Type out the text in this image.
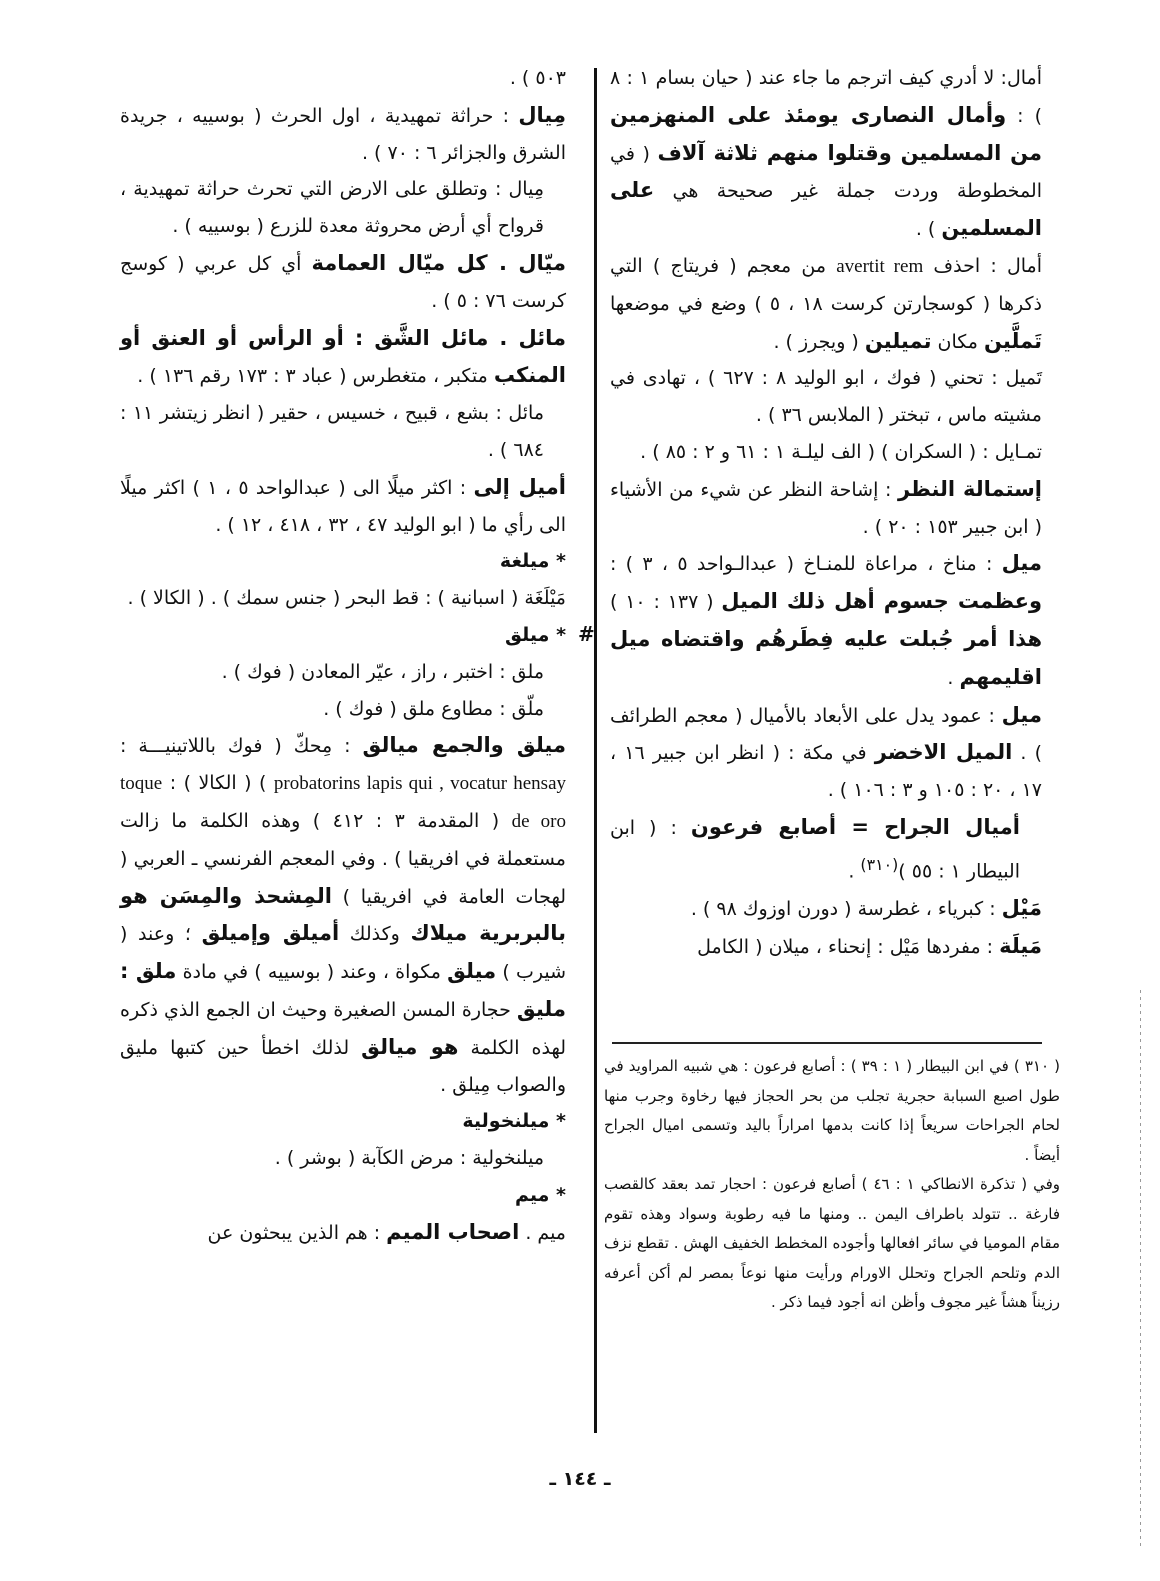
أمال: لا أدري كيف اترجم ما جاء عند ( حيان بسام ١ : ٨ ) : وأمال النصارى يومئذ على المنهزمين من المسلمين وقتلوا منهم ثلاثة آلاف ( في المخطوطة وردت جملة غير صحيحة هي على المسلمين ) .

أمال : احذف avertit rem من معجم ( فريتاج ) التي ذكرها ( كوسجارتن كرست ١٨ ، ٥ ) وضع في موضعها تَملَّين مكان تميلين ( ويجرز ) .

تَميل : تحني ( فوك ، ابو الوليد ٨ : ٦٢٧ ) ، تهادى في مشيته ماس ، تبختر ( الملابس ٣٦ ) .

تمـايل : ( السكران ) ( الف ليلـة ١ : ٦١ و ٢ : ٨٥ ) .

إستمالة النظر : إشاحة النظر عن شيء من الأشياء ( ابن جبير ١٥٣ : ٢٠ ) .

ميل : مناخ ، مراعاة للمنـاخ ( عبدالـواحد ٥ ، ٣ ) : وعظمت جسوم أهل ذلك الميل ( ١٣٧ : ١٠ ) هذا أمر جُبلت عليه فِطَرهُم واقتضاه ميل اقليمهم .

ميل : عمود يدل على الأبعاد بالأميال ( معجم الطرائف ) . الميل الاخضر في مكة : ( انظر ابن جبير ١٦ ، ١٧ ، ٢٠ : ١٠٥ و ٣ : ١٠٦ ) .

أميال الجراح = أصابع فرعون : ( ابن البيطار ١ : ٥٥ )$^{(٣١٠)}$ .

مَيْل : كبرياء ، غطرسة ( دورن اوزوك ٩٨ ) .

مَيلَة : مفردها مَيْل : إنحناء ، ميلان ( الكامل

#

٥٠٣ ) .

مِيال : حراثة تمهيدية ، اول الحرث ( بوسييه ، جريدة الشرق والجزائر ٦ : ٧٠ ) .

مِيال : وتطلق على الارض التي تحرث حراثة تمهيدية ، قرواح أي أرض محروثة معدة للزرع ( بوسييه ) .

ميّال . كل ميّال العمامة أي كل عربي ( كوسج كرست ٧٦ : ٥ ) .

مائل . مائل الشَّق : أو الرأس أو العنق أو المنكب متكبر ، متغطرس ( عباد ٣ : ١٧٣ رقم ١٣٦ ) .

مائل : بشع ، قبيح ، خسيس ، حقير ( انظر زيتشر ١١ : ٦٨٤ ) .

أميل إلى : اكثر ميلًا الى ( عبدالواحد ٥ ، ١ ) اكثر ميلًا الى رأي ما ( ابو الوليد ٤٧ ، ٣٢ ، ٤١٨ ، ١٢ ) .

* ميلغة

مَيْلَغَة ( اسبانية ) : قط البحر ( جنس سمك ) . ( الكالا ) .

* ميلق

ملق : اختبر ، راز ، عيّر المعادن ( فوك ) .

ملّق : مطاوع ملق ( فوك ) .

ميلق والجمع ميالق : مِحكّ ( فوك باللاتينيـــة : probatorins lapis qui , vocatur hensay ) ( الكالا ) : toque de oro ( المقدمة ٣ : ٤١٢ ) وهذه الكلمة ما زالت مستعملة في افريقيا ) . وفي المعجم الفرنسي ـ العربي ( لهجات العامة في افريقيا ) المِشحذ والمِسَن هو بالبربرية ميلاك وكذلك أميلق وإميلق ؛ وعند ( شيرب ) ميلق مكواة ، وعند ( بوسييه ) في مادة ملق : مليق حجارة المسن الصغيرة وحيث ان الجمع الذي ذكره لهذه الكلمة هو ميالق لذلك اخطأ حين كتبها مليق والصواب مِيلق .

* ميلنخولية

ميلنخولية : مرض الكآبة ( بوشر ) .

* ميم

ميم . اصحاب الميم : هم الذين يبحثون عن

( ٣١٠ ) في ابن البيطار ( ١ : ٣٩ ) : أصابع فرعون : هي شبيه المراويد في طول اصبع السبابة حجرية تجلب من بحر الحجاز فيها رخاوة وجرب منها لحام الجراحات سريعاً إذا كانت بدمها امراراً باليد وتسمى اميال الجراح أيضاً .

وفي ( تذكرة الانطاكي ١ : ٤٦ ) أصابع فرعون : احجار تمد بعقد كالقصب فارغة .. تتولد باطراف اليمن .. ومنها ما فيه رطوبة وسواد وهذه تقوم مقام الموميا في سائر افعالها وأجوده المخطط الخفيف الهش . تقطع نزف الدم وتلحم الجراح وتحلل الاورام ورأيت منها نوعاً بمصر لم أكن أعرفه رزيناً هشاً غير مجوف وأظن انه أجود فيما ذكر .

ـ ١٤٤ ـ
